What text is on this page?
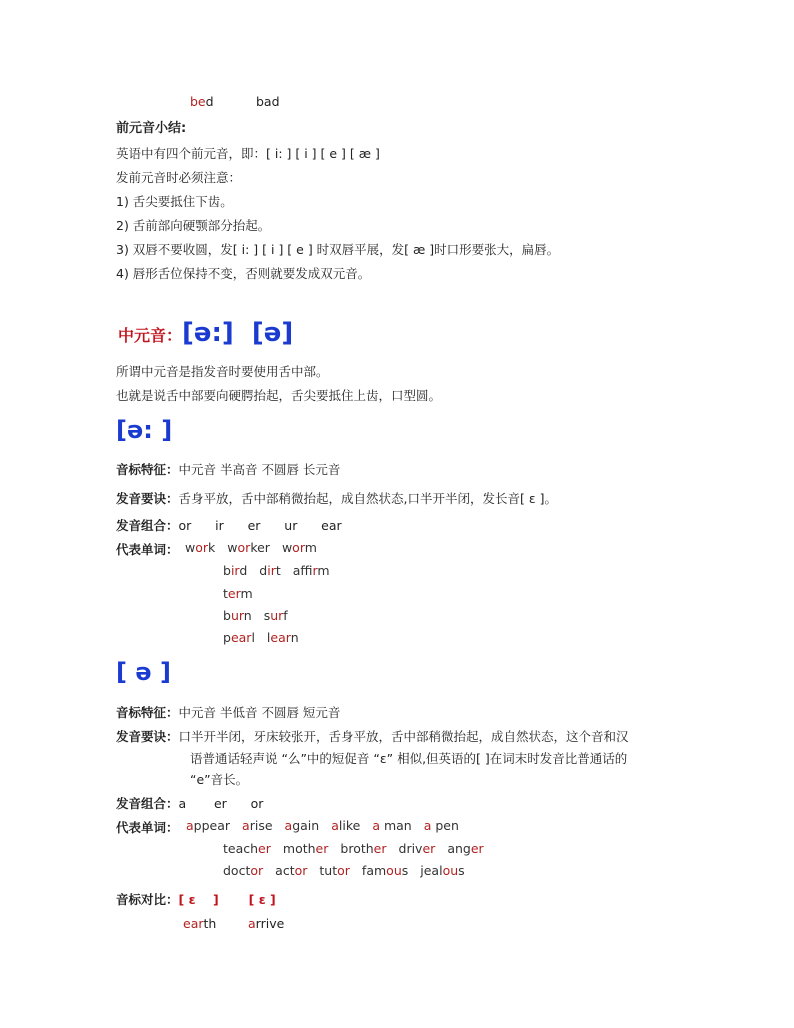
bed	bad
前元音小结:
英语中有四个前元音，即：[ i: ] [ i ] [ e ] [ æ ]
发前元音时必须注意：
1) 舌尖要抵住下齿。
2) 舌前部向硬颚部分抬起。
3) 双唇不要收圆，发[ i: ] [ i ] [ e ] 时双唇平展，发[ æ ]时口形要张大，扁唇。
4) 唇形舌位保持不变，否则就要发成双元音。
中元音：[ə:] [ə]
所谓中元音是指发音时要使用舌中部。
也就是说舌中部要向硬腭抬起，舌尖要抵住上齿，口型圆。
[ə: ]
音标特征：中元音 半高音 不圆唇 长元音
发音要诀：舌身平放，舌中部稍微抬起，成自然状态,口半开半闭，发长音[ ɛ ]。
发音组合：or      ir      er      ur      ear
代表单词： work worker worm
bird dirt affirm
term
burn surf
pearl learn
[ ə ]
音标特征：中元音 半低音 不圆唇 短元音
发音要诀：口半开半闭，牙床较张开，舌身平放，舌中部稍微抬起，成自然状态，这个音和汉
语普通话轻声说 “么”中的短促音 “ɛ” 相似,但英语的[ ]在词末时发音比普通话的
“e”音长。
发音组合：a       er      or
代表单词： appear arise again alike a man a pen
teacher mother brother driver anger
doctor actor tutor famous jealous
音标对比：[ ɛ    ] [ ɛ ]
earth	arrive
